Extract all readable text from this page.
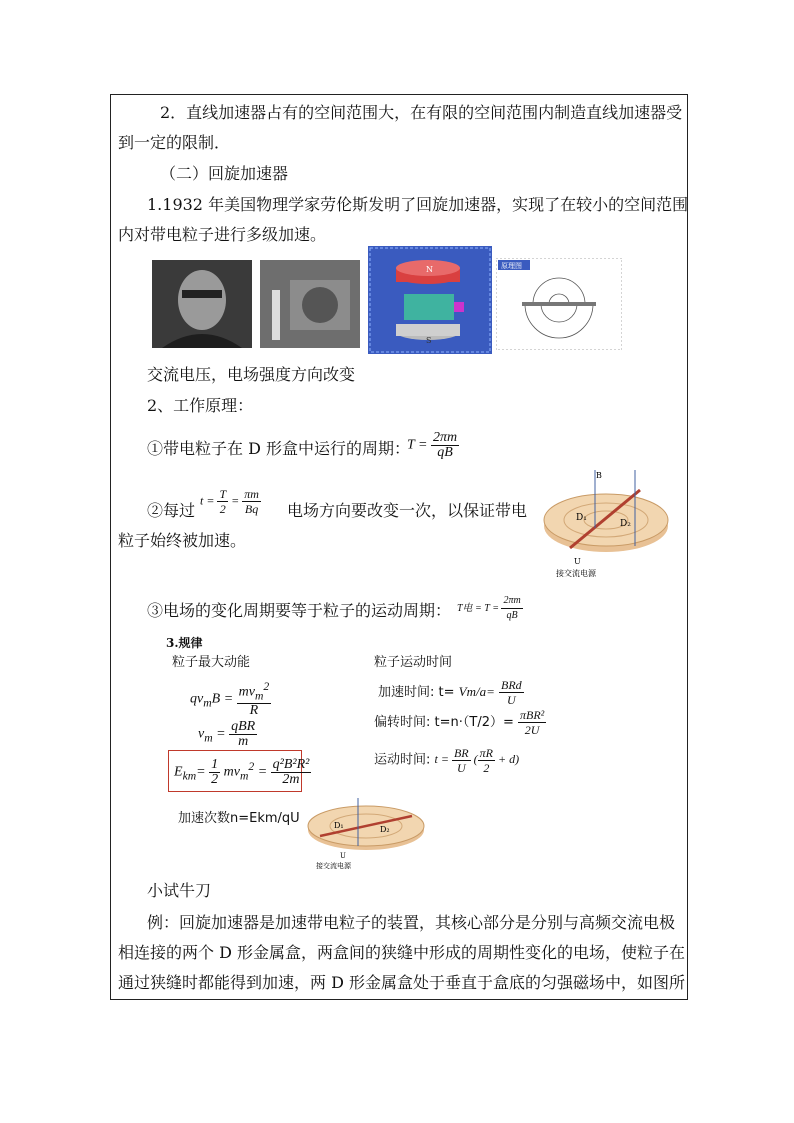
2．直线加速器占有的空间范围大，在有限的空间范围内制造直线加速器受
到一定的限制．
（二）回旋加速器
1.1932 年美国物理学家劳伦斯发明了回旋加速器，实现了在较小的空间范围
内对带电粒子进行多级加速。
N
S
原理图
交流电压，电场强度方向改变
2、工作原理：
①带电粒子在 D 形盒中运行的周期：
$T = \frac{2\pi m}{qB}$
②每过
$t = \frac{T}{2} = \frac{\pi m}{Bq}$ 电场方向要改变一次，以保证带电
粒子始终被加速。
B
D₁
D₂
U
接交流电源
③电场的变化周期要等于粒子的运动周期： T电 = $T = \frac{2\pi m}{qB}$
3.规律
粒子最大动能
$qv_mB = \frac{mv_m^2}{R}$
$v_m = \frac{\text{qBR}}{m}$
$E_{km}= \frac{1}{2} mv_m^2 = \frac{\text{q²B²R²}}{2m}$
加速次数n=Ekm/qU
粒子运动时间
加速时间: $t= Vm/a= \frac{\text{BRd}}{U}$
偏转时间: $t=n\cdot(T/2)= \frac{\text{πBR²}}{2U}$
运动时间: $t = \frac{BR}{U}$ ( $\frac{\pi R}{2} + d$)
D₁	D₂
U
接交流电源
小试牛刀
例：回旋加速器是加速带电粒子的装置，其核心部分是分别与高频交流电极
相连接的两个 D 形金属盒，两盒间的狭缝中形成的周期性变化的电场，使粒子在
通过狭缝时都能得到加速，两 D 形金属盒处于垂直于盒底的匀强磁场中，如图所
